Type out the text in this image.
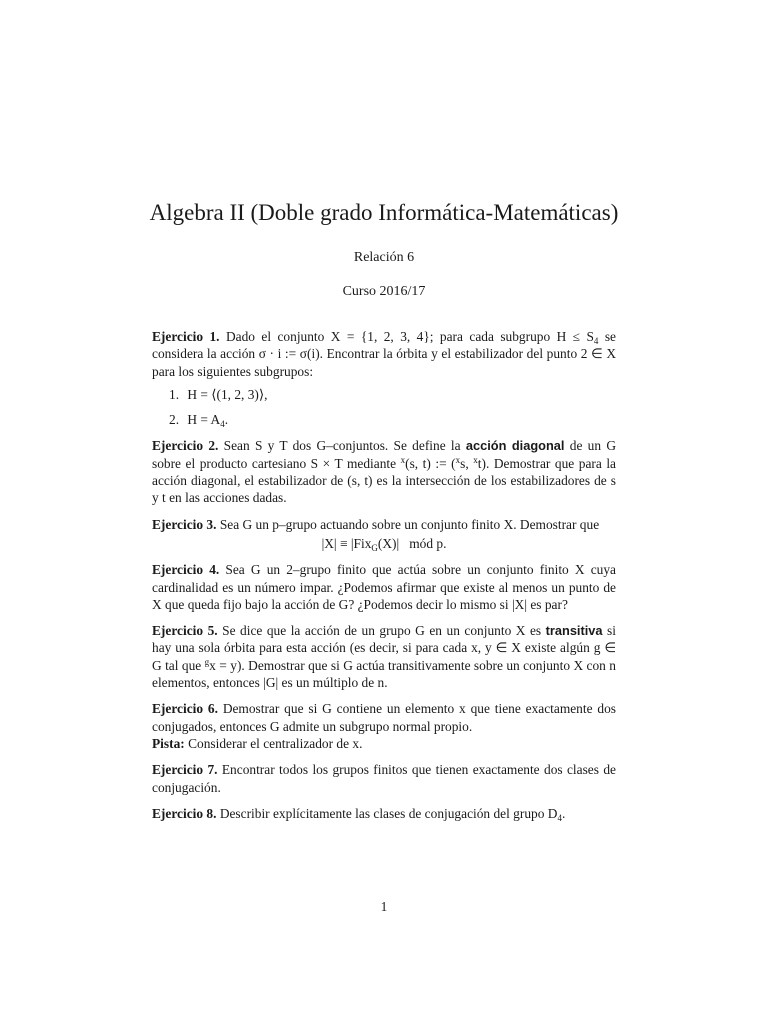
Algebra II (Doble grado Informática-Matemáticas)
Relación 6
Curso 2016/17
Ejercicio 1. Dado el conjunto X = {1, 2, 3, 4}; para cada subgrupo $H \le S_4$ se considera la acción σ · i := σ(i). Encontrar la órbita y el estabilizador del punto 2 ∈ X para los siguientes subgrupos:
1. H = ⟨(1, 2, 3)⟩,
2. $H = A_4$.
Ejercicio 2. Sean S y T dos G–conjuntos. Se define la acción diagonal de un G sobre el producto cartesiano S × T mediante $^x$(s, t) := ($^x$s, $^x$t). Demostrar que para la acción diagonal, el estabilizador de (s, t) es la intersección de los estabilizadores de s y t en las acciones dadas.
Ejercicio 3. Sea G un p–grupo actuando sobre un conjunto finito X. Demostrar que
|X| ≡ |Fix$_G$(X)|   mód p.
Ejercicio 4. Sea G un 2–grupo finito que actúa sobre un conjunto finito X cuya cardinalidad es un número impar. ¿Podemos afirmar que existe al menos un punto de X que queda fijo bajo la acción de G? ¿Podemos decir lo mismo si |X| es par?
Ejercicio 5. Se dice que la acción de un grupo G en un conjunto X es transitiva si hay una sola órbita para esta acción (es decir, si para cada x, y ∈ X existe algún g ∈ G tal que $^g$x = y). Demostrar que si G actúa transitivamente sobre un conjunto X con n elementos, entonces |G| es un múltiplo de n.
Ejercicio 6. Demostrar que si G contiene un elemento x que tiene exactamente dos conjugados, entonces G admite un subgrupo normal propio.
Pista: Considerar el centralizador de x.
Ejercicio 7. Encontrar todos los grupos finitos que tienen exactamente dos clases de conjugación.
Ejercicio 8. Describir explícitamente las clases de conjugación del grupo $D_4$.
1
